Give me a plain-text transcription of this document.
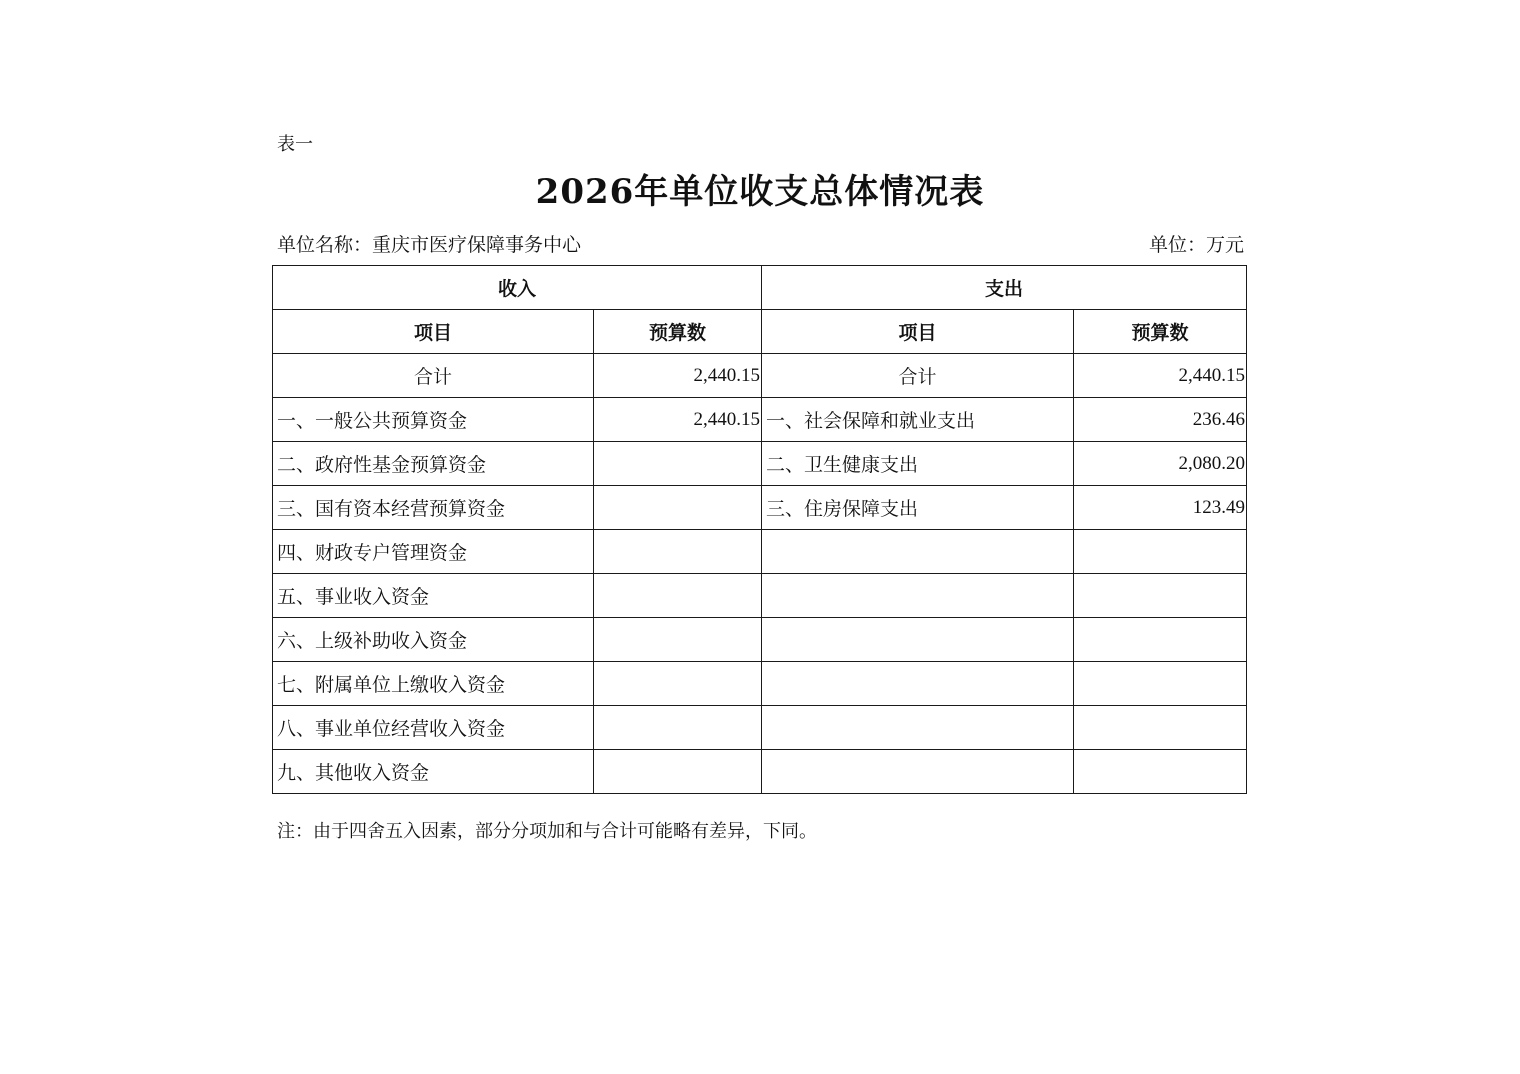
表一
2026年单位收支总体情况表
单位名称：重庆市医疗保障事务中心	单位：万元
收入		支出	
项目	预算数	项目	预算数
合计	2,440.15	合计	2,440.15
一、一般公共预算资金	2,440.15	一、社会保障和就业支出	236.46
二、政府性基金预算资金		二、卫生健康支出	2,080.20
三、国有资本经营预算资金		三、住房保障支出	123.49
四、财政专户管理资金			
五、事业收入资金			
六、上级补助收入资金			
七、附属单位上缴收入资金			
八、事业单位经营收入资金			
九、其他收入资金			
注：由于四舍五入因素，部分分项加和与合计可能略有差异，下同。
